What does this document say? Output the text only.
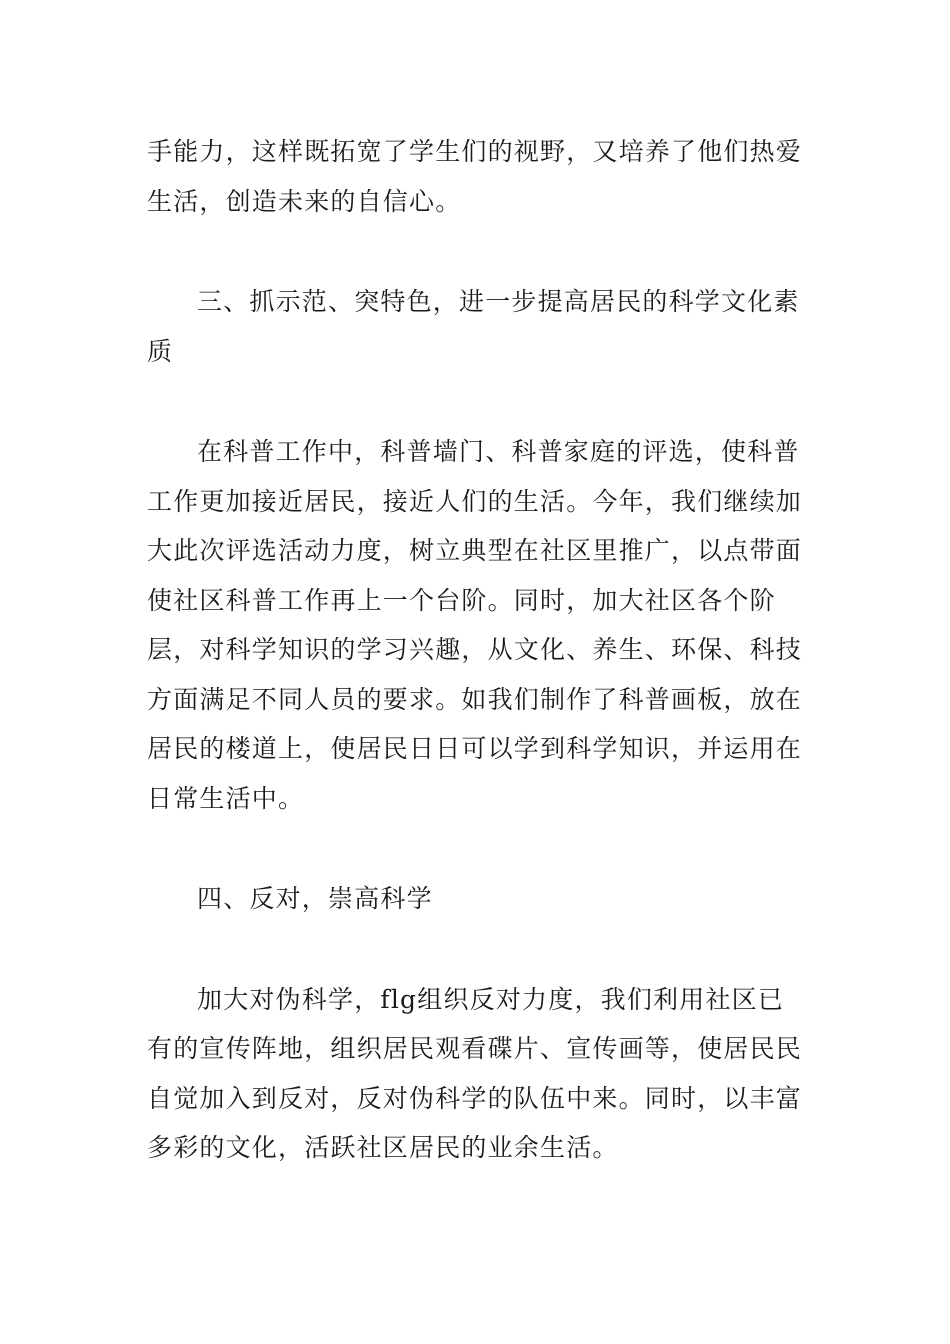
手能力，这样既拓宽了学生们的视野，又培养了他们热爱生活，创造未来的自信心。

三、抓示范、突特色，进一步提高居民的科学文化素质

在科普工作中，科普墙门、科普家庭的评选，使科普工作更加接近居民，接近人们的生活。今年，我们继续加大此次评选活动力度，树立典型在社区里推广，以点带面使社区科普工作再上一个台阶。同时，加大社区各个阶层，对科学知识的学习兴趣，从文化、养生、环保、科技方面满足不同人员的要求。如我们制作了科普画板，放在居民的楼道上，使居民日日可以学到科学知识，并运用在日常生活中。

四、反对，崇高科学

加大对伪科学，flg组织反对力度，我们利用社区已有的宣传阵地，组织居民观看碟片、宣传画等，使居民民自觉加入到反对，反对伪科学的队伍中来。同时，以丰富多彩的文化，活跃社区居民的业余生活。
